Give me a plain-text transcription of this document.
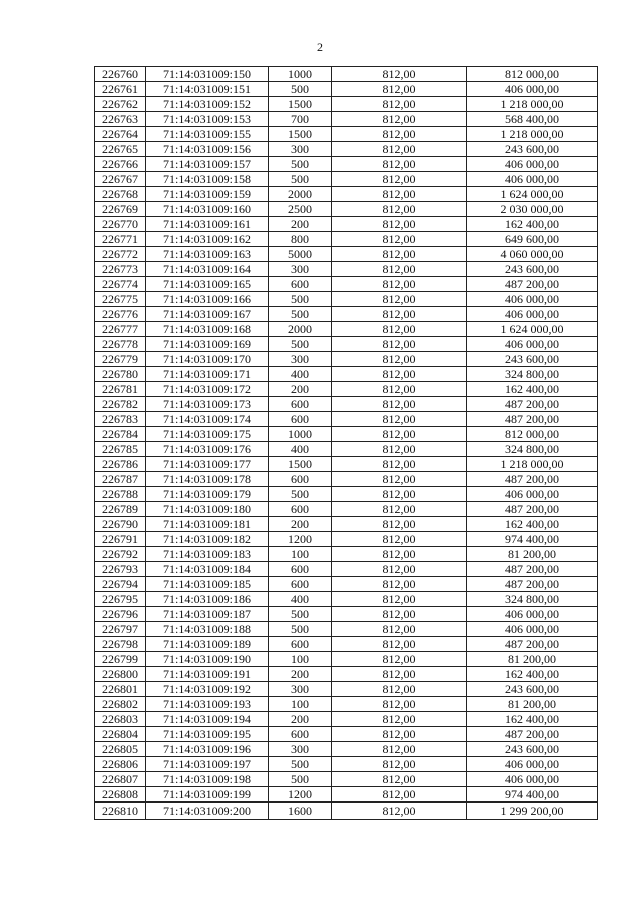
2
226760	71:14:031009:150	1000	812,00	812 000,00
226761	71:14:031009:151	500	812,00	406 000,00
226762	71:14:031009:152	1500	812,00	1 218 000,00
226763	71:14:031009:153	700	812,00	568 400,00
226764	71:14:031009:155	1500	812,00	1 218 000,00
226765	71:14:031009:156	300	812,00	243 600,00
226766	71:14:031009:157	500	812,00	406 000,00
226767	71:14:031009:158	500	812,00	406 000,00
226768	71:14:031009:159	2000	812,00	1 624 000,00
226769	71:14:031009:160	2500	812,00	2 030 000,00
226770	71:14:031009:161	200	812,00	162 400,00
226771	71:14:031009:162	800	812,00	649 600,00
226772	71:14:031009:163	5000	812,00	4 060 000,00
226773	71:14:031009:164	300	812,00	243 600,00
226774	71:14:031009:165	600	812,00	487 200,00
226775	71:14:031009:166	500	812,00	406 000,00
226776	71:14:031009:167	500	812,00	406 000,00
226777	71:14:031009:168	2000	812,00	1 624 000,00
226778	71:14:031009:169	500	812,00	406 000,00
226779	71:14:031009:170	300	812,00	243 600,00
226780	71:14:031009:171	400	812,00	324 800,00
226781	71:14:031009:172	200	812,00	162 400,00
226782	71:14:031009:173	600	812,00	487 200,00
226783	71:14:031009:174	600	812,00	487 200,00
226784	71:14:031009:175	1000	812,00	812 000,00
226785	71:14:031009:176	400	812,00	324 800,00
226786	71:14:031009:177	1500	812,00	1 218 000,00
226787	71:14:031009:178	600	812,00	487 200,00
226788	71:14:031009:179	500	812,00	406 000,00
226789	71:14:031009:180	600	812,00	487 200,00
226790	71:14:031009:181	200	812,00	162 400,00
226791	71:14:031009:182	1200	812,00	974 400,00
226792	71:14:031009:183	100	812,00	81 200,00
226793	71:14:031009:184	600	812,00	487 200,00
226794	71:14:031009:185	600	812,00	487 200,00
226795	71:14:031009:186	400	812,00	324 800,00
226796	71:14:031009:187	500	812,00	406 000,00
226797	71:14:031009:188	500	812,00	406 000,00
226798	71:14:031009:189	600	812,00	487 200,00
226799	71:14:031009:190	100	812,00	81 200,00
226800	71:14:031009:191	200	812,00	162 400,00
226801	71:14:031009:192	300	812,00	243 600,00
226802	71:14:031009:193	100	812,00	81 200,00
226803	71:14:031009:194	200	812,00	162 400,00
226804	71:14:031009:195	600	812,00	487 200,00
226805	71:14:031009:196	300	812,00	243 600,00
226806	71:14:031009:197	500	812,00	406 000,00
226807	71:14:031009:198	500	812,00	406 000,00
226808	71:14:031009:199	1200	812,00	974 400,00
226810	71:14:031009:200	1600	812,00	1 299 200,00
